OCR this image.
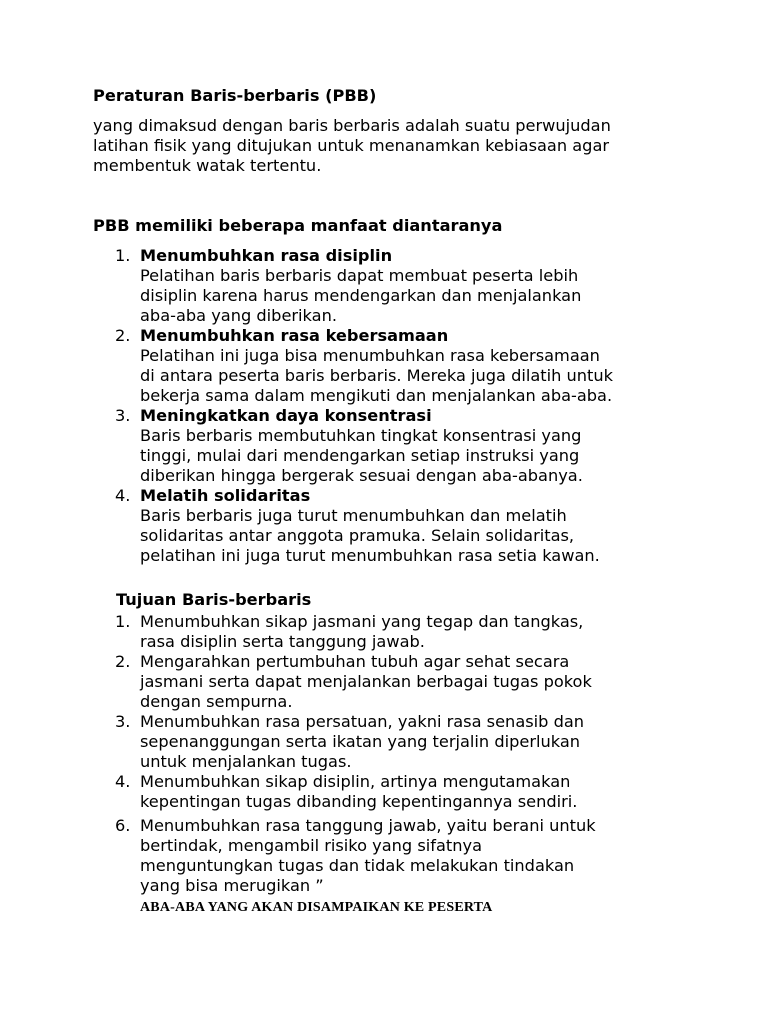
Peraturan Baris-berbaris (PBB)

yang dimaksud dengan baris berbaris adalah suatu perwujudan

latihan fisik yang ditujukan untuk menanamkan kebiasaan agar

membentuk watak tertentu.

PBB memiliki beberapa manfaat diantaranya
1. Menumbuhkan rasa disiplin
Pelatihan baris berbaris dapat membuat peserta lebih
disiplin karena harus mendengarkan dan menjalankan
aba-aba yang diberikan.
2. Menumbuhkan rasa kebersamaan
Pelatihan ini juga bisa menumbuhkan rasa kebersamaan
di antara peserta baris berbaris. Mereka juga dilatih untuk
bekerja sama dalam mengikuti dan menjalankan aba-aba.
3. Meningkatkan daya konsentrasi
Baris berbaris membutuhkan tingkat konsentrasi yang
tinggi, mulai dari mendengarkan setiap instruksi yang
diberikan hingga bergerak sesuai dengan aba-abanya.
4. Melatih solidaritas
Baris berbaris juga turut menumbuhkan dan melatih
solidaritas antar anggota pramuka. Selain solidaritas,
pelatihan ini juga turut menumbuhkan rasa setia kawan.
Tujuan Baris-berbaris
1. Menumbuhkan sikap jasmani yang tegap dan tangkas,
rasa disiplin serta tanggung jawab.
2. Mengarahkan pertumbuhan tubuh agar sehat secara
jasmani serta dapat menjalankan berbagai tugas pokok
dengan sempurna.
3. Menumbuhkan rasa persatuan, yakni rasa senasib dan
sepenanggungan serta ikatan yang terjalin diperlukan
untuk menjalankan tugas.
4. Menumbuhkan sikap disiplin, artinya mengutamakan
kepentingan tugas dibanding kepentingannya sendiri.
6. Menumbuhkan rasa tanggung jawab, yaitu berani untuk
bertindak, mengambil risiko yang sifatnya
menguntungkan tugas dan tidak melakukan tindakan
yang bisa merugikan ”
ABA-ABA YANG AKAN DISAMPAIKAN KE PESERTA
